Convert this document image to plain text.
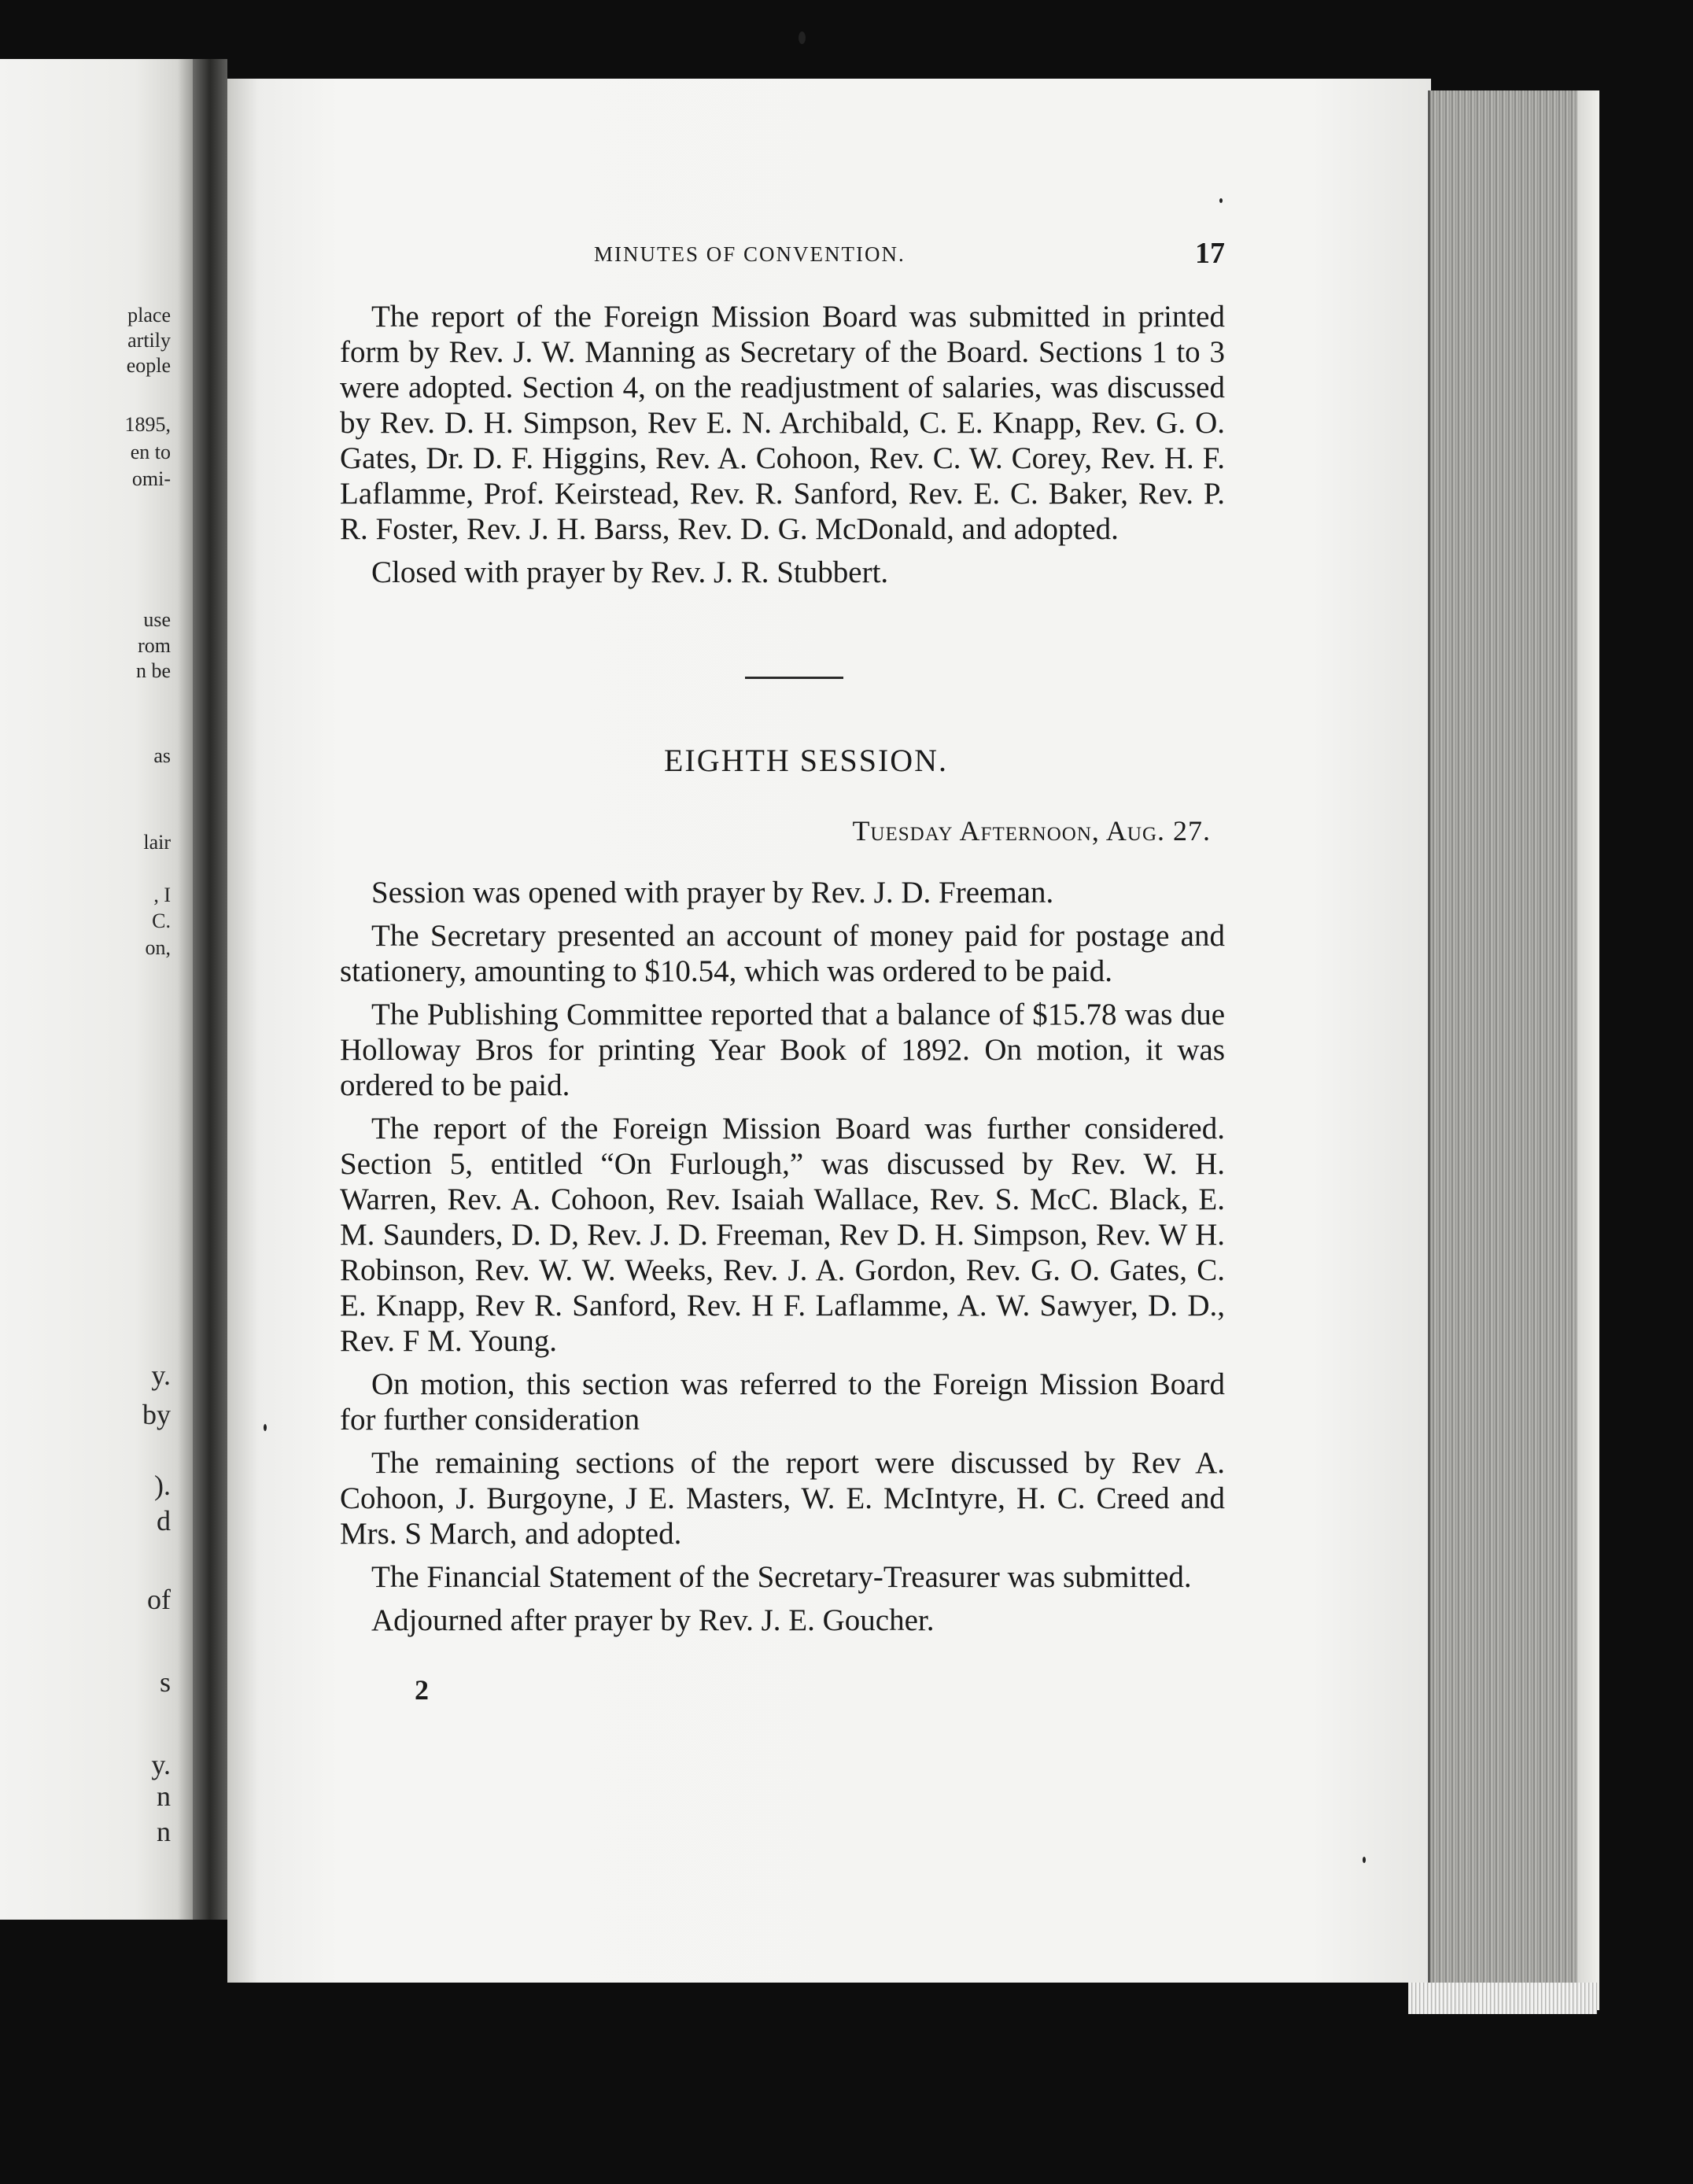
place

artily

eople

1895,

en to

omi-

use

rom

n be

as

lair

, I

C.

on,

y.

by

).

d

of

s

y.

n

n

MINUTES OF CONVENTION.	17

The report of the Foreign Mission Board was submitted in printed form by Rev. J. W. Manning as Secretary of the Board. Sections 1 to 3 were adopted. Section 4, on the readjustment of salaries, was discussed by Rev. D. H. Simpson, Rev E. N. Archibald, C. E. Knapp, Rev. G. O. Gates, Dr. D. F. Higgins, Rev. A. Cohoon, Rev. C. W. Corey, Rev. H. F. Laflamme, Prof. Keirstead, Rev. R. Sanford, Rev. E. C. Baker, Rev. P. R. Foster, Rev. J. H. Barss, Rev. D. G. McDonald, and adopted.

Closed with prayer by Rev. J. R. Stubbert.

EIGHTH SESSION.

Tuesday Afternoon, Aug. 27.

Session was opened with prayer by Rev. J. D. Freeman.

The Secretary presented an account of money paid for postage and stationery, amounting to $10.54, which was ordered to be paid.

The Publishing Committee reported that a balance of $15.78 was due Holloway Bros for printing Year Book of 1892. On motion, it was ordered to be paid.

The report of the Foreign Mission Board was further considered. Section 5, entitled “On Furlough,” was discussed by Rev. W. H. Warren, Rev. A. Cohoon, Rev. Isaiah Wallace, Rev. S. McC. Black, E. M. Saunders, D. D, Rev. J. D. Freeman, Rev D. H. Simpson, Rev. W H. Robinson, Rev. W. W. Weeks, Rev. J. A. Gordon, Rev. G. O. Gates, C. E. Knapp, Rev R. Sanford, Rev. H F. Laflamme, A. W. Sawyer, D. D., Rev. F M. Young.

On motion, this section was referred to the Foreign Mission Board for further consideration

The remaining sections of the report were discussed by Rev A. Cohoon, J. Burgoyne, J E. Masters, W. E. McIntyre, H. C. Creed and Mrs. S March, and adopted.

The Financial Statement of the Secretary-Treasurer was submitted.

Adjourned after prayer by Rev. J. E. Goucher.

2
